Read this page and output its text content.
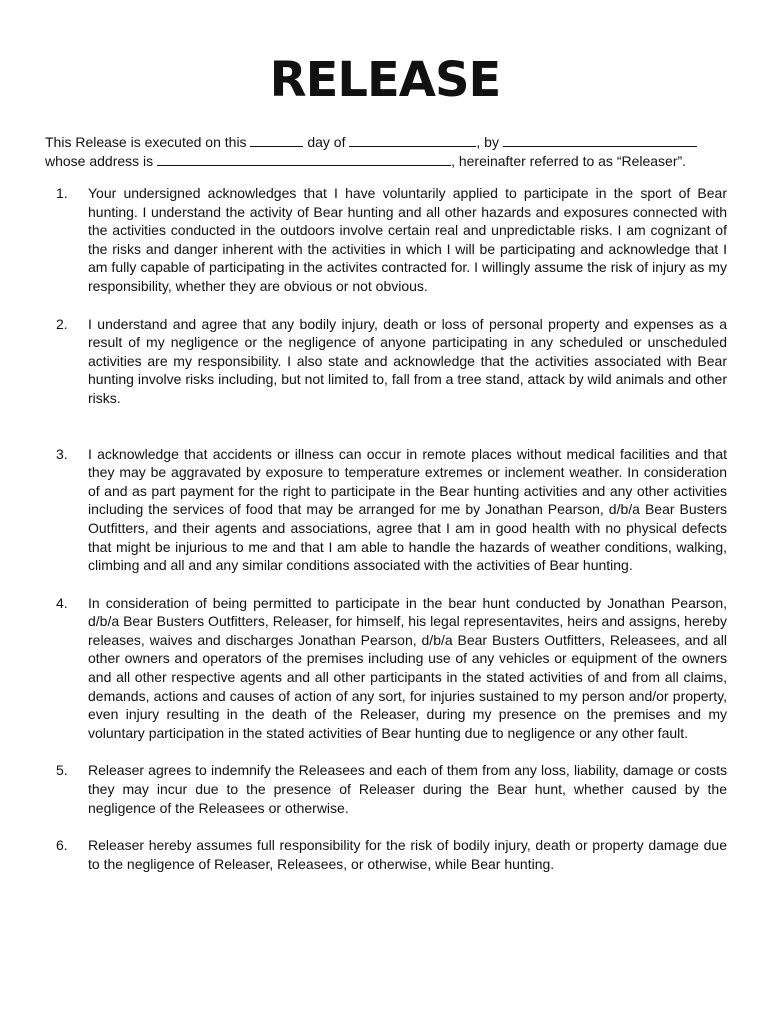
RELEASE

This Release is executed on this	day of	, by
whose address is	, hereinafter referred to as “Releaser”.

1.	Your undersigned acknowledges that I have voluntarily applied to participate in the sport of Bear hunting. I understand the activity of Bear hunting and all other hazards and exposures connected with the activities conducted in the outdoors involve certain real and unpredictable risks. I am cognizant of the risks and danger inherent with the activities in which I will be participating and acknowledge that I am fully capable of participating in the activites contracted for. I willingly assume the risk of injury as my responsibility, whether they are obvious or not obvious.
2.	I understand and agree that any bodily injury, death or loss of personal property and expenses as a result of my negligence or the negligence of anyone participating in any scheduled or unscheduled activities are my responsibility. I also state and acknowledge that the activities associated with Bear hunting involve risks including, but not limited to, fall from a tree stand, attack by wild animals and other risks.
3.	I acknowledge that accidents or illness can occur in remote places without medical facilities and that they may be aggravated by exposure to temperature extremes or inclement weather. In consideration of and as part payment for the right to participate in the Bear hunting activities and any other activities including the services of food that may be arranged for me by Jonathan Pearson, d/b/a Bear Busters Outfitters, and their agents and associations, agree that I am in good health with no physical defects that might be injurious to me and that I am able to handle the hazards of weather conditions, walking, climbing and all and any similar conditions associated with the activities of Bear hunting.
4.	In consideration of being permitted to participate in the bear hunt conducted by Jonathan Pearson, d/b/a Bear Busters Outfitters, Releaser, for himself, his legal representavites, heirs and assigns, hereby releases, waives and discharges Jonathan Pearson, d/b/a Bear Busters Outfitters, Releasees, and all other owners and operators of the premises including use of any vehicles or equipment of the owners and all other respective agents and all other participants in the stated activities of and from all claims, demands, actions and causes of action of any sort, for injuries sustained to my person and/or property, even injury resulting in the death of the Releaser, during my presence on the premises and my voluntary participation in the stated activities of Bear hunting due to negligence or any other fault.
5.	Releaser agrees to indemnify the Releasees and each of them from any loss, liability, damage or costs they may incur due to the presence of Releaser during the Bear hunt, whether caused by the negligence of the Releasees or otherwise.
6.	Releaser hereby assumes full responsibility for the risk of bodily injury, death or property damage due to the negligence of Releaser, Releasees, or otherwise, while Bear hunting.
